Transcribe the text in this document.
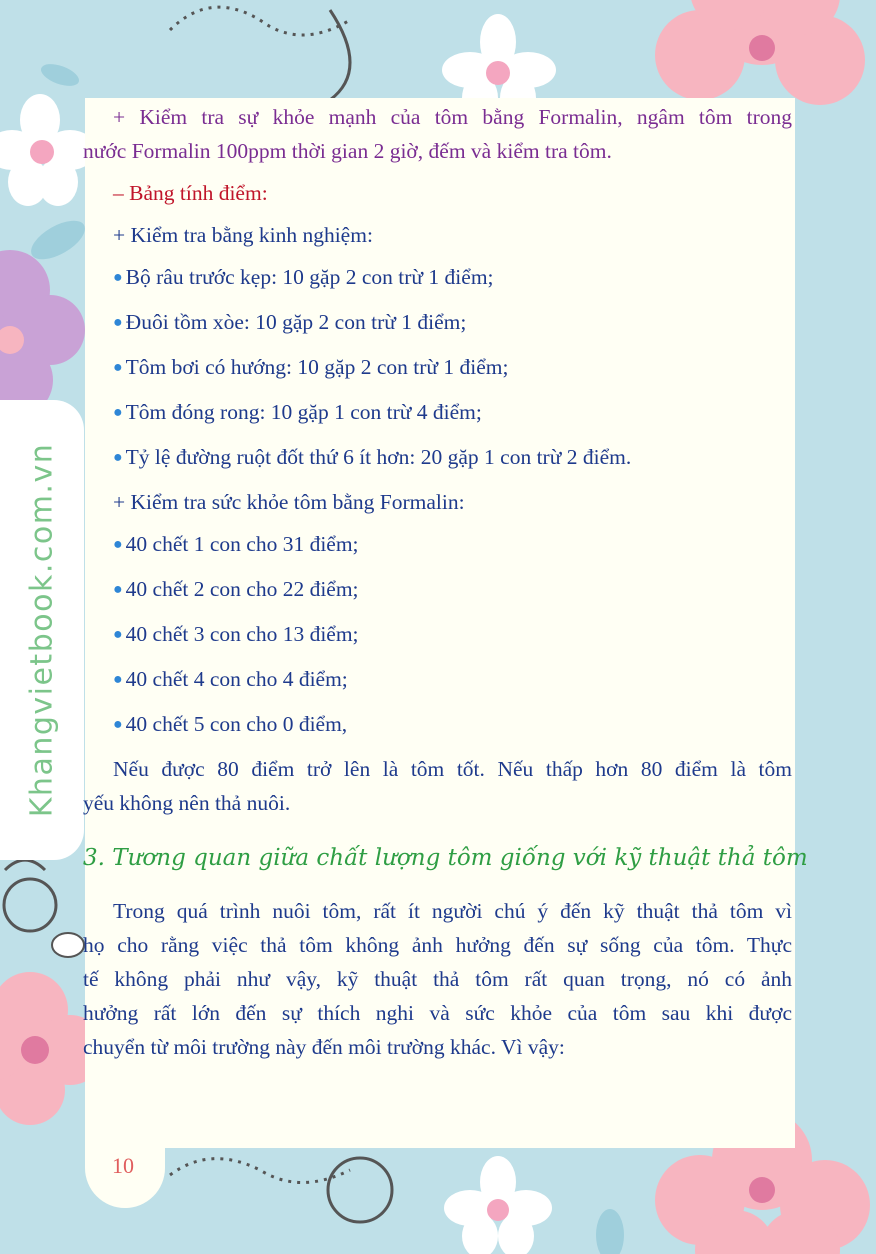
Khangvietbook.com.vn
10

+ Kiểm tra sự khỏe mạnh của tôm bằng Formalin, ngâm tôm trong

nước Formalin 100ppm thời gian 2 giờ, đếm và kiểm tra tôm.

– Bảng tính điểm:

+ Kiểm tra bằng kinh nghiệm:

● Bộ râu trước kẹp: 10 gặp 2 con trừ 1 điểm;

● Đuôi tồm xòe: 10 gặp 2 con trừ 1 điểm;

● Tôm bơi có hướng: 10 gặp 2 con trừ 1 điểm;

● Tôm đóng rong: 10 gặp 1 con trừ 4 điểm;

● Tỷ lệ đường ruột đốt thứ 6 ít hơn: 20 gặp 1 con trừ 2 điểm.

+ Kiểm tra sức khỏe tôm bằng Formalin:

● 40 chết 1 con cho 31 điểm;

● 40 chết 2 con cho 22 điểm;

● 40 chết 3 con cho 13 điểm;

● 40 chết 4 con cho 4 điểm;

● 40 chết 5 con cho 0 điểm,

Nếu được 80 điểm trở lên là tôm tốt. Nếu thấp hơn 80 điểm là tôm

yếu không nên thả nuôi.

3. Tương quan giữa chất lượng tôm giống với kỹ thuật thả tôm

Trong quá trình nuôi tôm, rất ít người chú ý đến kỹ thuật thả tôm vì

họ cho rằng việc thả tôm không ảnh hưởng đến sự sống của tôm. Thực

tế không phải như vậy, kỹ thuật thả tôm rất quan trọng, nó có ảnh

hưởng rất lớn đến sự thích nghi và sức khỏe của tôm sau khi được

chuyển từ môi trường này đến môi trường khác. Vì vậy:
